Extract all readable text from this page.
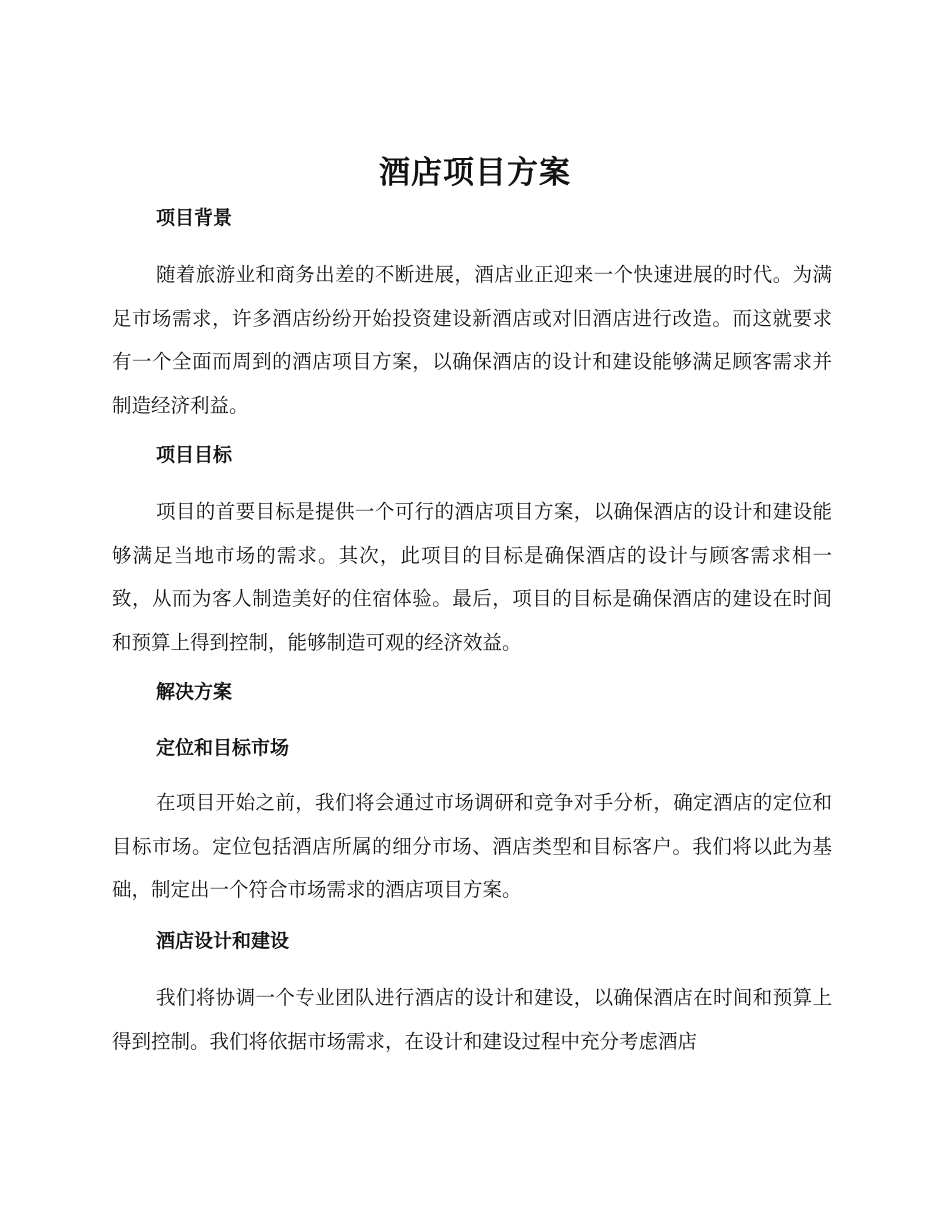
酒店项目方案
项目背景

随着旅游业和商务出差的不断进展，酒店业正迎来一个快速进展的时代。为满足市场需求，许多酒店纷纷开始投资建设新酒店或对旧酒店进行改造。而这就要求有一个全面而周到的酒店项目方案，以确保酒店的设计和建设能够满足顾客需求并制造经济利益。

项目目标

项目的首要目标是提供一个可行的酒店项目方案，以确保酒店的设计和建设能够满足当地市场的需求。其次，此项目的目标是确保酒店的设计与顾客需求相一致，从而为客人制造美好的住宿体验。最后，项目的目标是确保酒店的建设在时间和预算上得到控制，能够制造可观的经济效益。

解决方案
定位和目标市场

在项目开始之前，我们将会通过市场调研和竞争对手分析，确定酒店的定位和目标市场。定位包括酒店所属的细分市场、酒店类型和目标客户。我们将以此为基础，制定出一个符合市场需求的酒店项目方案。

酒店设计和建设

我们将协调一个专业团队进行酒店的设计和建设，以确保酒店在时间和预算上得到控制。我们将依据市场需求，在设计和建设过程中充分考虑酒店
